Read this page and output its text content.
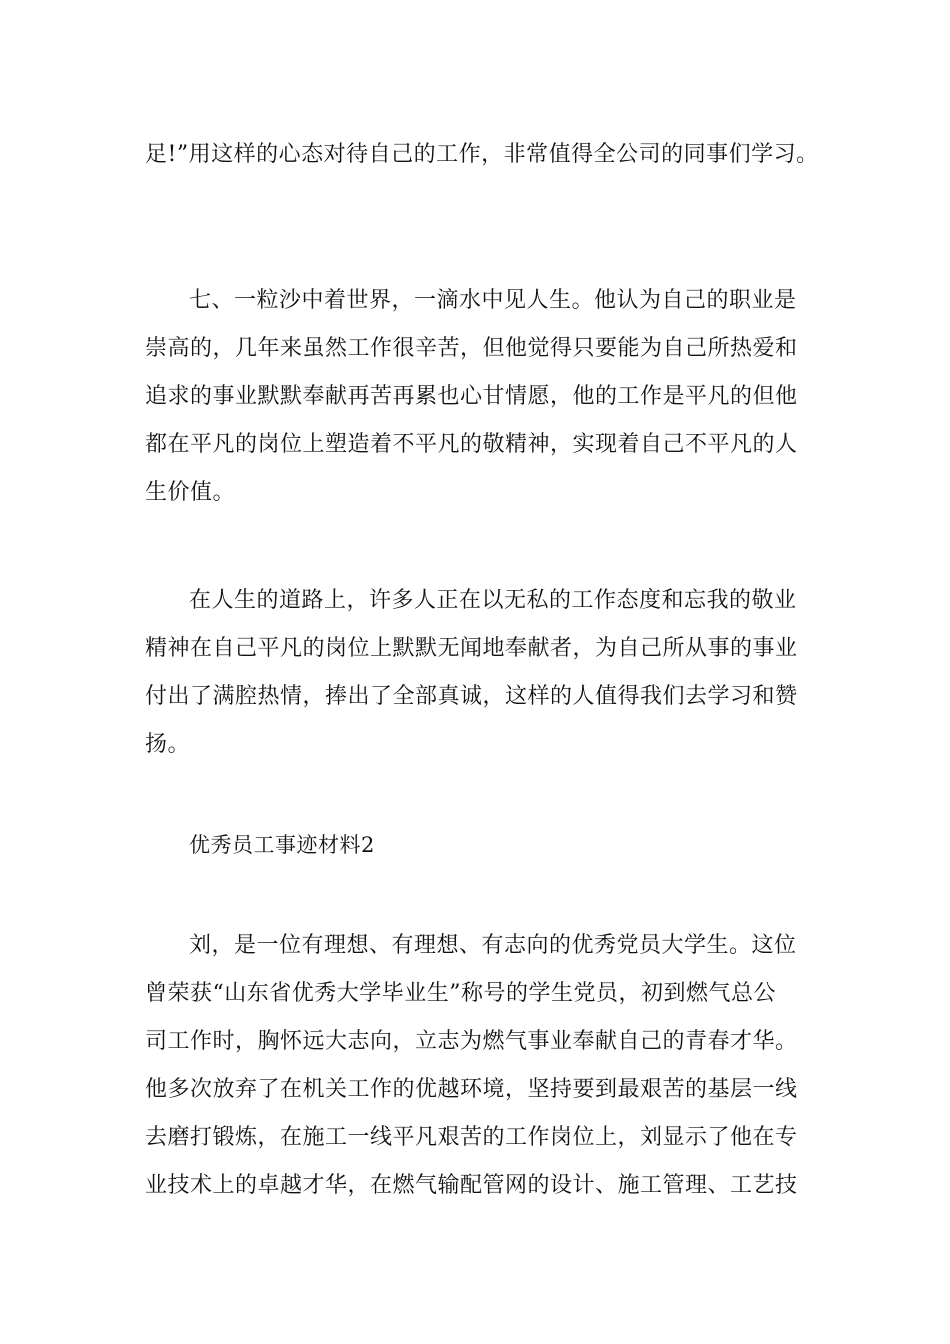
足!”用这样的心态对待自己的工作，非常值得全公司的同事们学习。
七、一粒沙中着世界，一滴水中见人生。他认为自己的职业是
崇高的，几年来虽然工作很辛苦，但他觉得只要能为自己所热爱和
追求的事业默默奉献再苦再累也心甘情愿，他的工作是平凡的但他
都在平凡的岗位上塑造着不平凡的敬精神，实现着自己不平凡的人
生价值。
在人生的道路上，许多人正在以无私的工作态度和忘我的敬业
精神在自己平凡的岗位上默默无闻地奉献者，为自己所从事的事业
付出了满腔热情，捧出了全部真诚，这样的人值得我们去学习和赞
扬。
优秀员工事迹材料2
刘，是一位有理想、有理想、有志向的优秀党员大学生。这位
曾荣获“山东省优秀大学毕业生”称号的学生党员，初到燃气总公
司工作时，胸怀远大志向，立志为燃气事业奉献自己的青春才华。
他多次放弃了在机关工作的优越环境，坚持要到最艰苦的基层一线
去磨打锻炼，在施工一线平凡艰苦的工作岗位上，刘显示了他在专
业技术上的卓越才华，在燃气输配管网的设计、施工管理、工艺技
